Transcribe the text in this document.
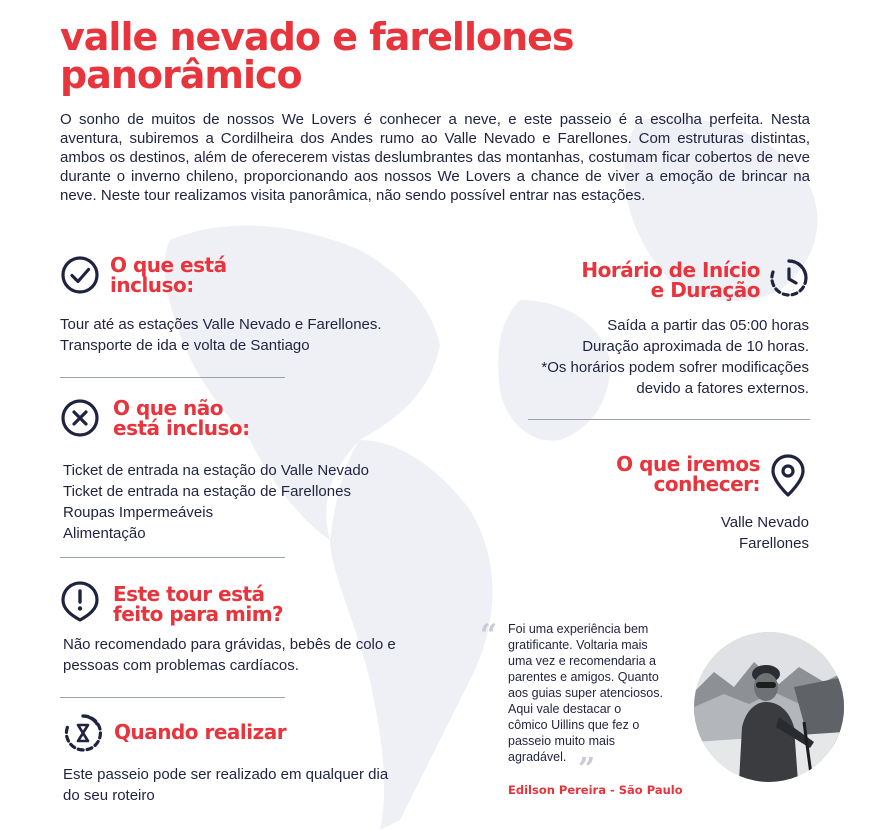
valle nevado e farellones
panorâmico

O sonho de muitos de nossos We Lovers é conhecer a neve, e este passeio é a escolha perfeita. Nesta aventura, subiremos a Cordilheira dos Andes rumo ao Valle Nevado e Farellones. Com estruturas distintas, ambos os destinos, além de oferecerem vistas deslumbrantes das montanhas, costumam ficar cobertos de neve durante o inverno chileno, proporcionando aos nossos We Lovers a chance de viver a emoção de brincar na neve. Neste tour realizamos visita panorâmica, não sendo possível entrar nas estações.

O que está
incluso:
Tour até as estações Valle Nevado e Farellones.
Transporte de ida e volta de Santiago
O que não
está incluso:
Ticket de entrada na estação do Valle Nevado
Ticket de entrada na estação de Farellones
Roupas Impermeáveis
Alimentação
Este tour está
feito para mim?
Não recomendado para grávidas, bebês de colo e
pessoas com problemas cardíacos.
Quando realizar
Este passeio pode ser realizado em qualquer dia
do seu roteiro
Horário de Início
e Duração
Saída a partir das 05:00 horas
Duração aproximada de 10 horas.
*Os horários podem sofrer modificações
devido a fatores externos.
O que iremos
conhecer:
Valle Nevado
Farellones
“ Foi uma experiência bem
gratificante. Voltaria mais
uma vez e recomendaria a
parentes e amigos. Quanto
aos guias super atenciosos.
Aqui vale destacar o
cômico Uillins que fez o
passeio muito mais
agradável. ”
Edilson Pereira - São Paulo
